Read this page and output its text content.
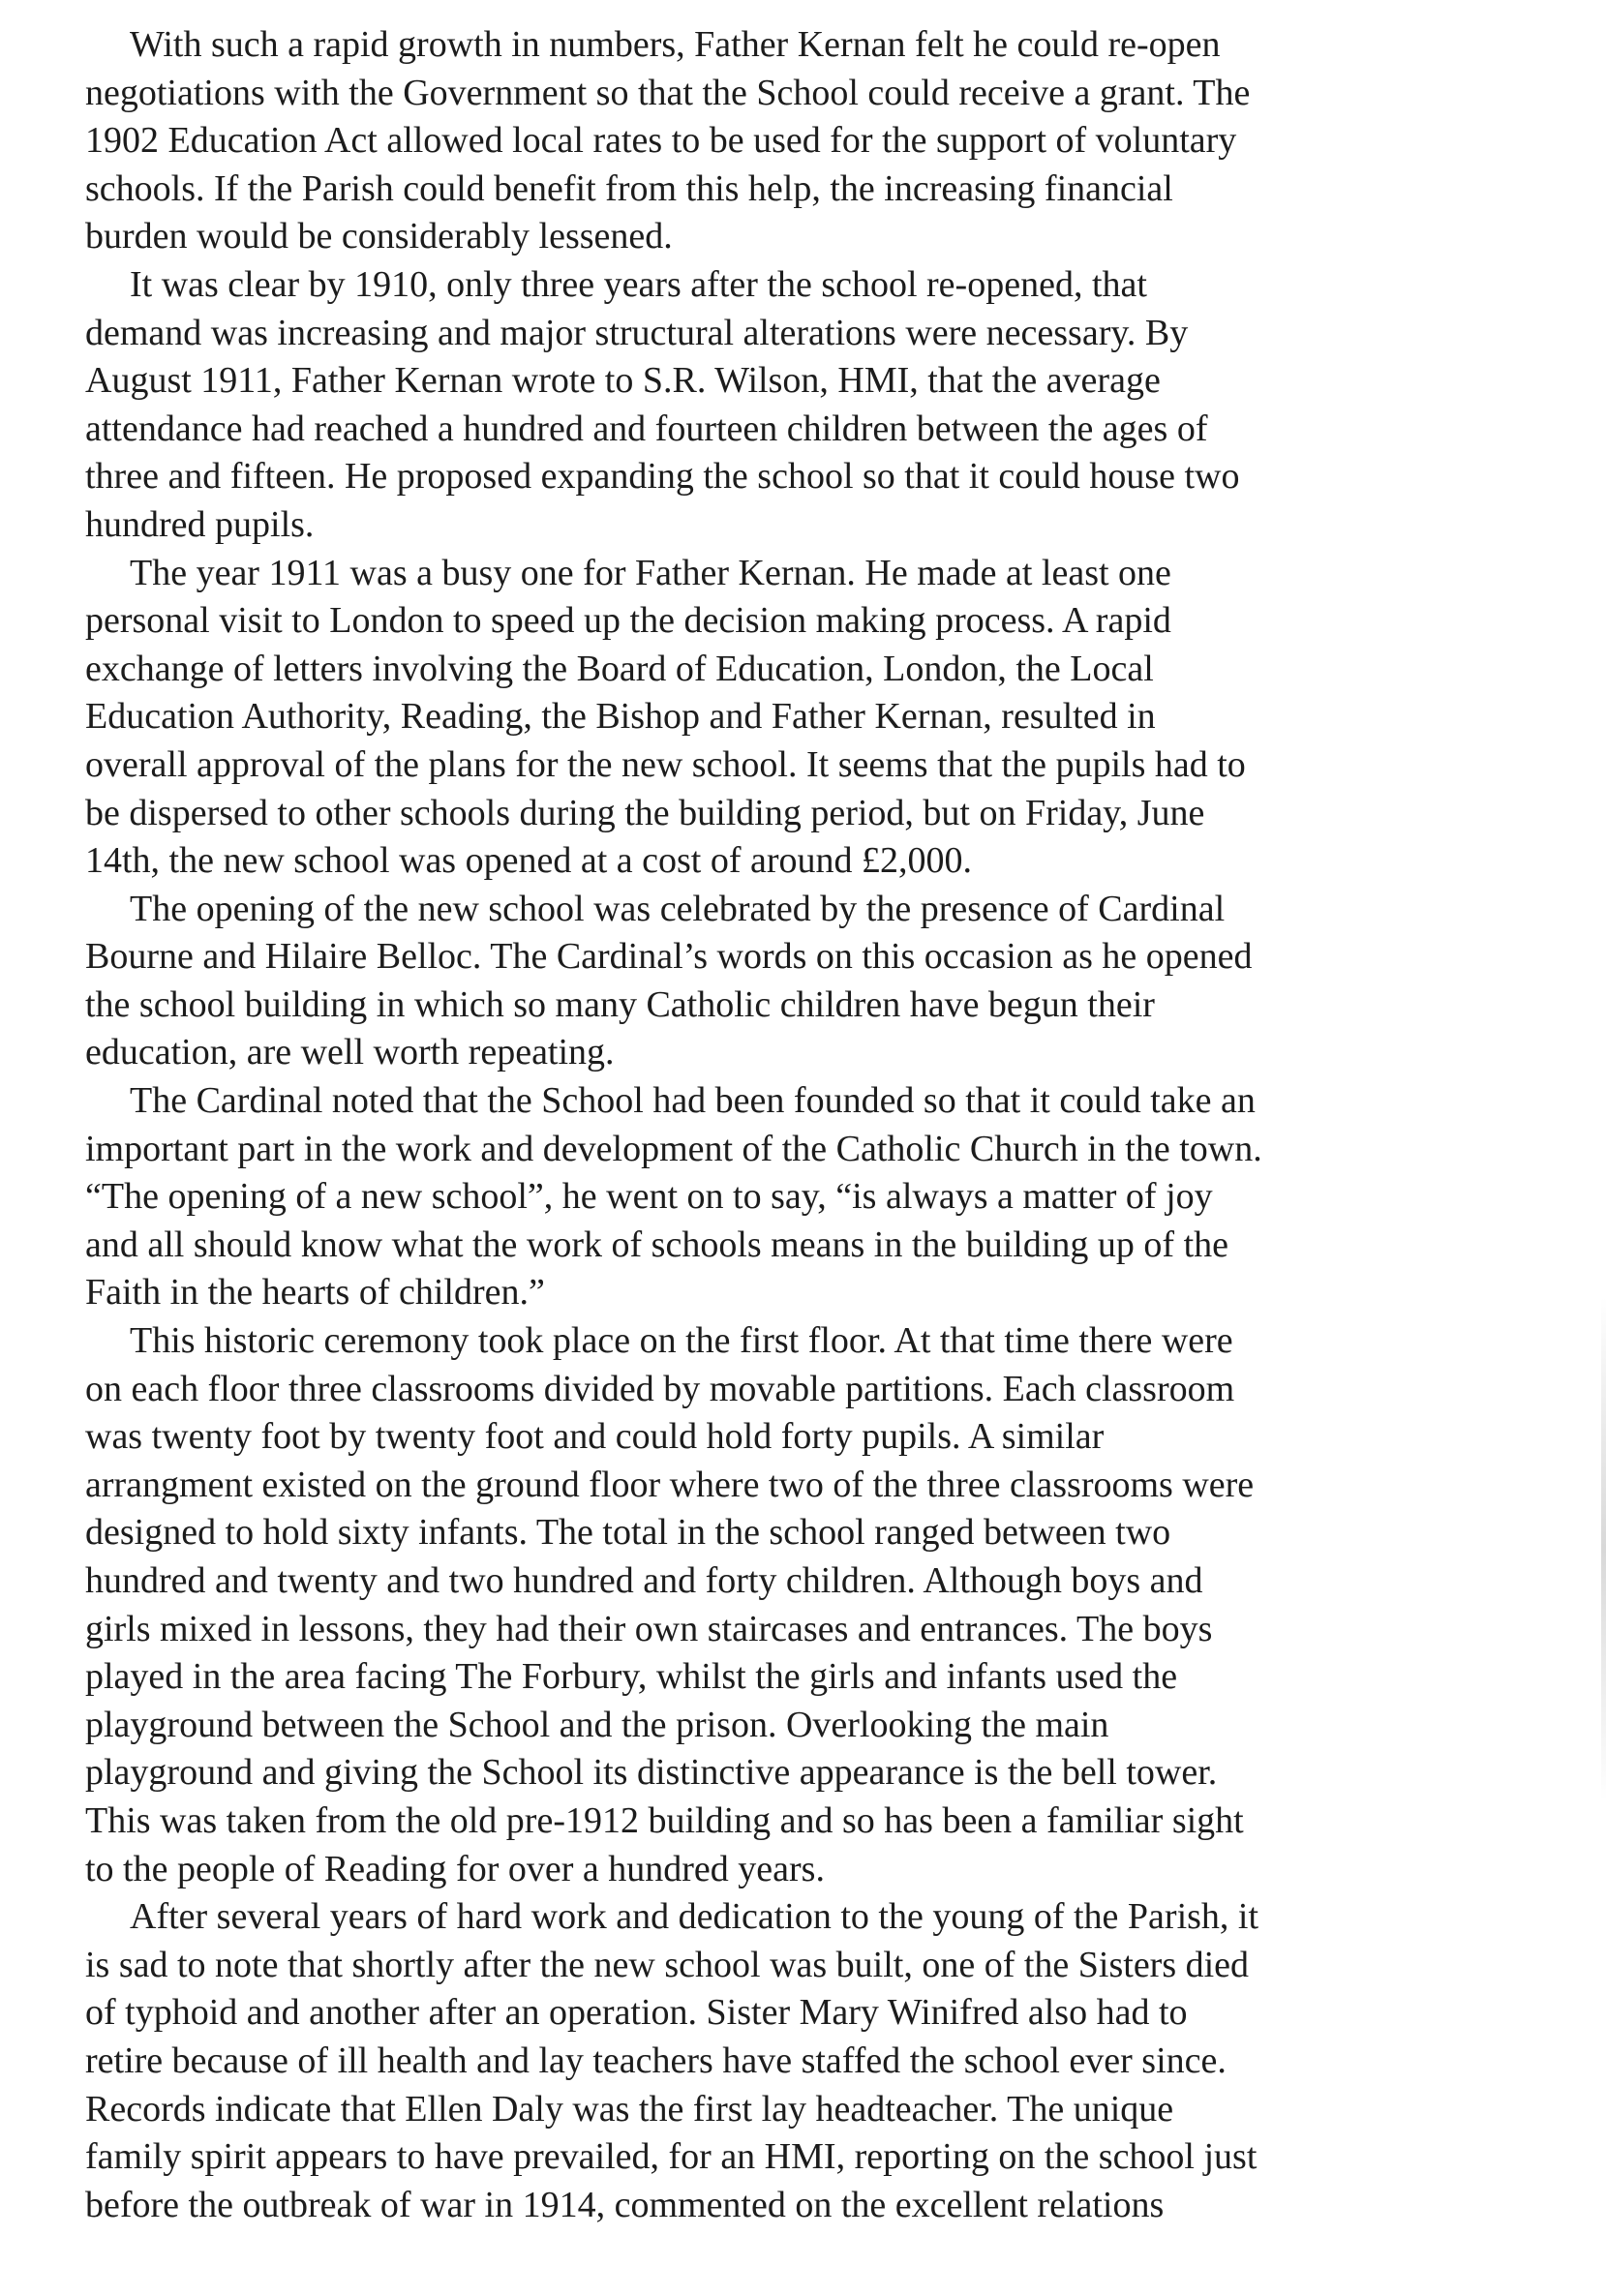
With such a rapid growth in numbers, Father Kernan felt he could re-open
negotiations with the Government so that the School could receive a grant. The
1902 Education Act allowed local rates to be used for the support of voluntary
schools. If the Parish could benefit from this help, the increasing financial
burden would be considerably lessened.

It was clear by 1910, only three years after the school re-opened, that
demand was increasing and major structural alterations were necessary. By
August 1911, Father Kernan wrote to S.R. Wilson, HMI, that the average
attendance had reached a hundred and fourteen children between the ages of
three and fifteen. He proposed expanding the school so that it could house two
hundred pupils.

The year 1911 was a busy one for Father Kernan. He made at least one
personal visit to London to speed up the decision making process. A rapid
exchange of letters involving the Board of Education, London, the Local
Education Authority, Reading, the Bishop and Father Kernan, resulted in
overall approval of the plans for the new school. It seems that the pupils had to
be dispersed to other schools during the building period, but on Friday, June
14th, the new school was opened at a cost of around £2,000.

The opening of the new school was celebrated by the presence of Cardinal
Bourne and Hilaire Belloc. The Cardinal’s words on this occasion as he opened
the school building in which so many Catholic children have begun their
education, are well worth repeating.

The Cardinal noted that the School had been founded so that it could take an
important part in the work and development of the Catholic Church in the town.
“The opening of a new school”, he went on to say, “is always a matter of joy
and all should know what the work of schools means in the building up of the
Faith in the hearts of children.”

This historic ceremony took place on the first floor. At that time there were
on each floor three classrooms divided by movable partitions. Each classroom
was twenty foot by twenty foot and could hold forty pupils. A similar
arrangment existed on the ground floor where two of the three classrooms were
designed to hold sixty infants. The total in the school ranged between two
hundred and twenty and two hundred and forty children. Although boys and
girls mixed in lessons, they had their own staircases and entrances. The boys
played in the area facing The Forbury, whilst the girls and infants used the
playground between the School and the prison. Overlooking the main
playground and giving the School its distinctive appearance is the bell tower.
This was taken from the old pre-1912 building and so has been a familiar sight
to the people of Reading for over a hundred years.

After several years of hard work and dedication to the young of the Parish, it
is sad to note that shortly after the new school was built, one of the Sisters died
of typhoid and another after an operation. Sister Mary Winifred also had to
retire because of ill health and lay teachers have staffed the school ever since.
Records indicate that Ellen Daly was the first lay headteacher. The unique
family spirit appears to have prevailed, for an HMI, reporting on the school just
before the outbreak of war in 1914, commented on the excellent relations
